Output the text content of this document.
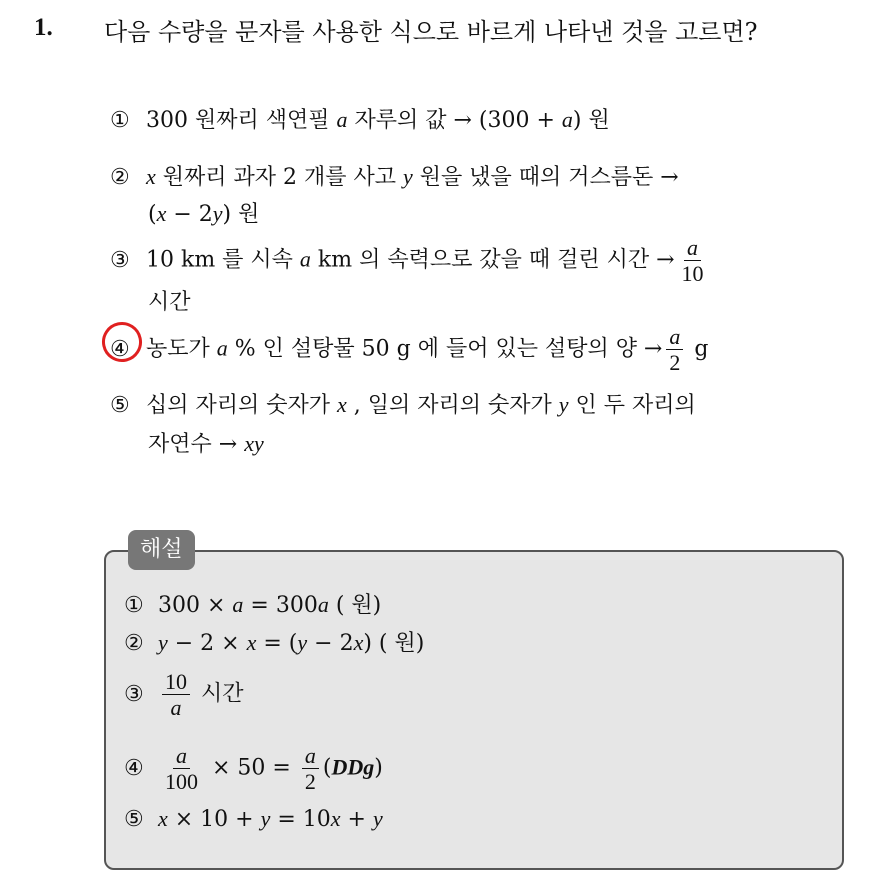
1. 다음 수량을 문자를 사용한 식으로 바르게 나타낸 것을 고르면?
① 300 원짜리 색연필 a 자루의 값 → (300 + a) 원
② x 원짜리 과자 2 개를 사고 y 원을 냈을 때의 거스름돈 →
(x − 2y) 원
③ 10 km 를 시속 a km 의 속력으로 갔을 때 걸린 시간 → $\frac{a}{10}$
시간
④ 농도가 a % 인 설탕물 50 g 에 들어 있는 설탕의 양 → $\frac{a}{2}$ g
⑤ 십의 자리의 숫자가 x , 일의 자리의 숫자가 y 인 두 자리의
자연수 → xy
해설
① 300 × a = 300a ( 원)
② y − 2 × x = (y − 2x) ( 원)
③ $\frac{10}{a}$ 시간
④ $\frac{a}{100} \times 50 = \frac{a}{2} (DDg)$
⑤ x × 10 + y = 10x + y
